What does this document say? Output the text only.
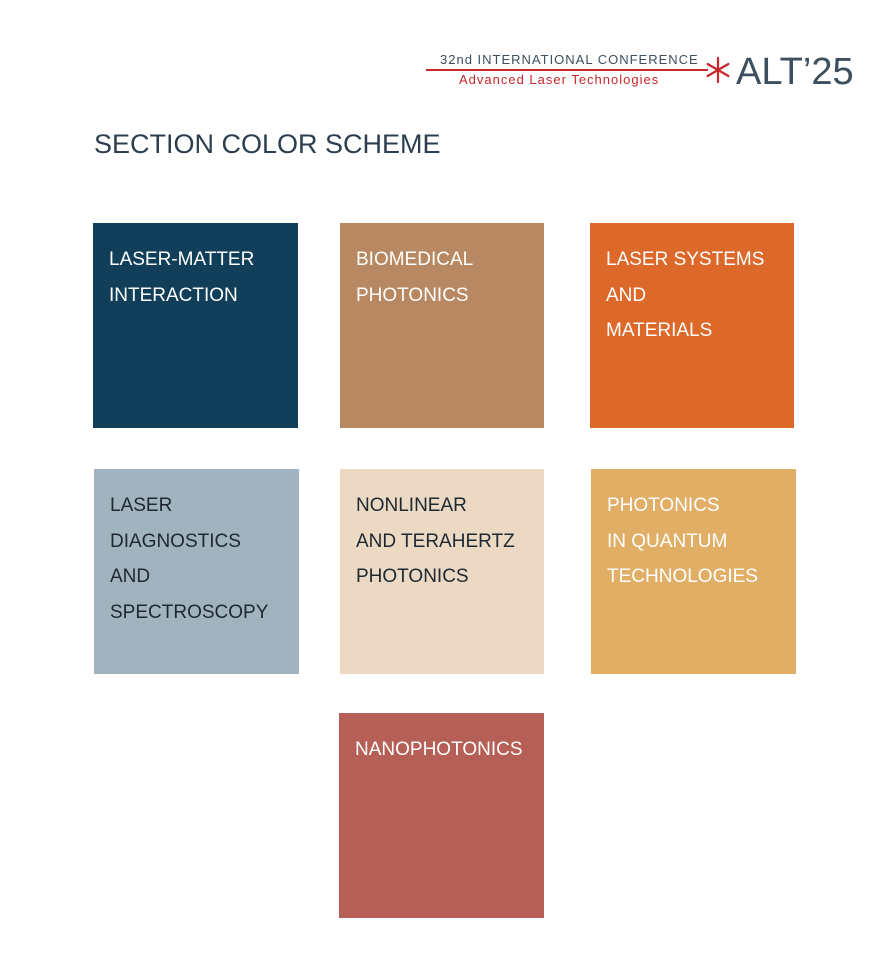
32nd INTERNATIONAL CONFERENCE
Advanced Laser Technologies ALT’25
SECTION COLOR SCHEME

LASER-MATTER
INTERACTION

BIOMEDICAL
PHOTONICS

LASER SYSTEMS
AND
MATERIALS

LASER
DIAGNOSTICS AND
SPECTROSCOPY

NONLINEAR
AND TERAHERTZ
PHOTONICS

PHOTONICS
IN QUANTUM
TECHNOLOGIES

NANOPHOTONICS
